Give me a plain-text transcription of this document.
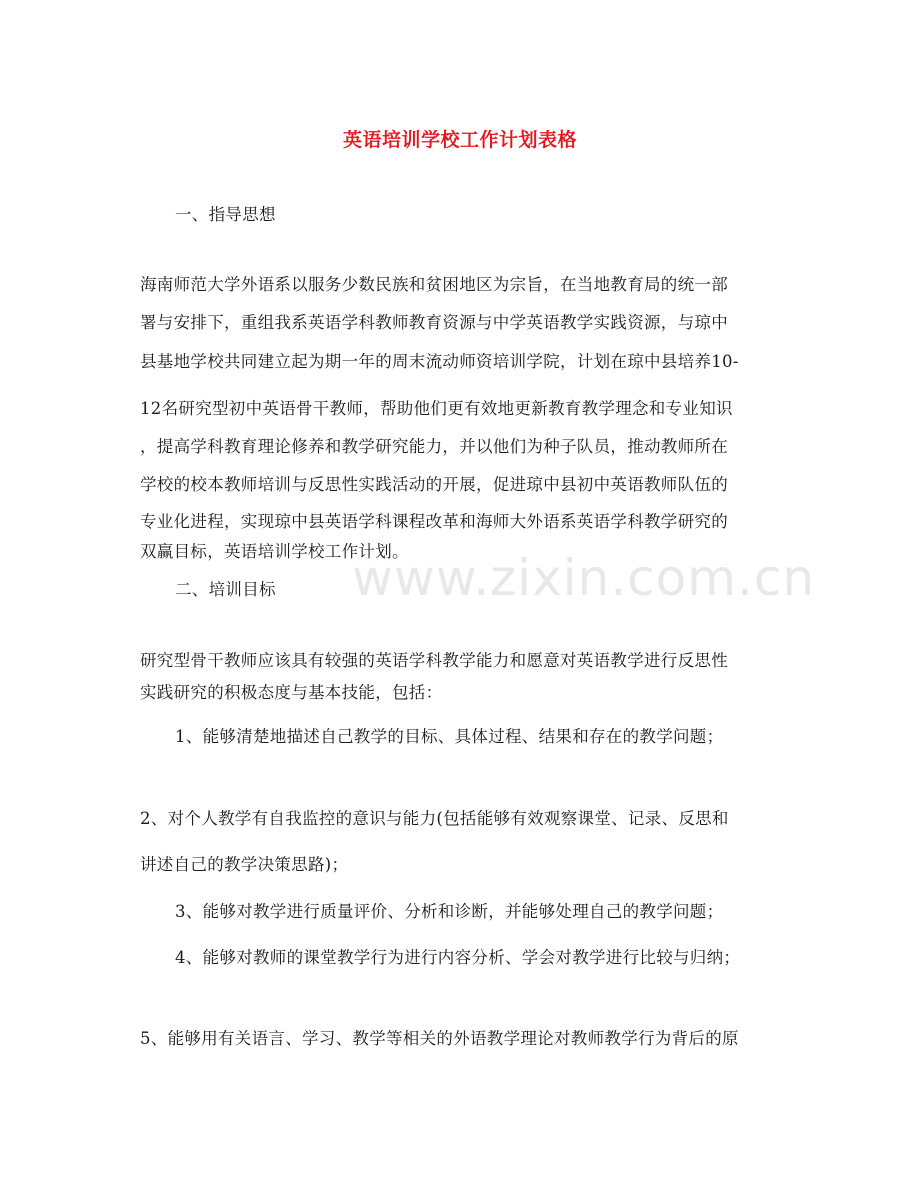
英语培训学校工作计划表格
一、指导思想
海南师范大学外语系以服务少数民族和贫困地区为宗旨，在当地教育局的统一部
署与安排下，重组我系英语学科教师教育资源与中学英语教学实践资源，与琼中
县基地学校共同建立起为期一年的周末流动师资培训学院，计划在琼中县培养10-
12名研究型初中英语骨干教师，帮助他们更有效地更新教育教学理念和专业知识
，提高学科教育理论修养和教学研究能力，并以他们为种子队员，推动教师所在
学校的校本教师培训与反思性实践活动的开展，促进琼中县初中英语教师队伍的
专业化进程，实现琼中县英语学科课程改革和海师大外语系英语学科教学研究的
双赢目标，英语培训学校工作计划。
二、培训目标
研究型骨干教师应该具有较强的英语学科教学能力和愿意对英语教学进行反思性
实践研究的积极态度与基本技能，包括：
1、能够清楚地描述自己教学的目标、具体过程、结果和存在的教学问题；
2、对个人教学有自我监控的意识与能力(包括能够有效观察课堂、记录、反思和
讲述自己的教学决策思路)；
3、能够对教学进行质量评价、分析和诊断，并能够处理自己的教学问题；
4、能够对教师的课堂教学行为进行内容分析、学会对教学进行比较与归纳；
5、能够用有关语言、学习、教学等相关的外语教学理论对教师教学行为背后的原
www.zixin.com.cn
